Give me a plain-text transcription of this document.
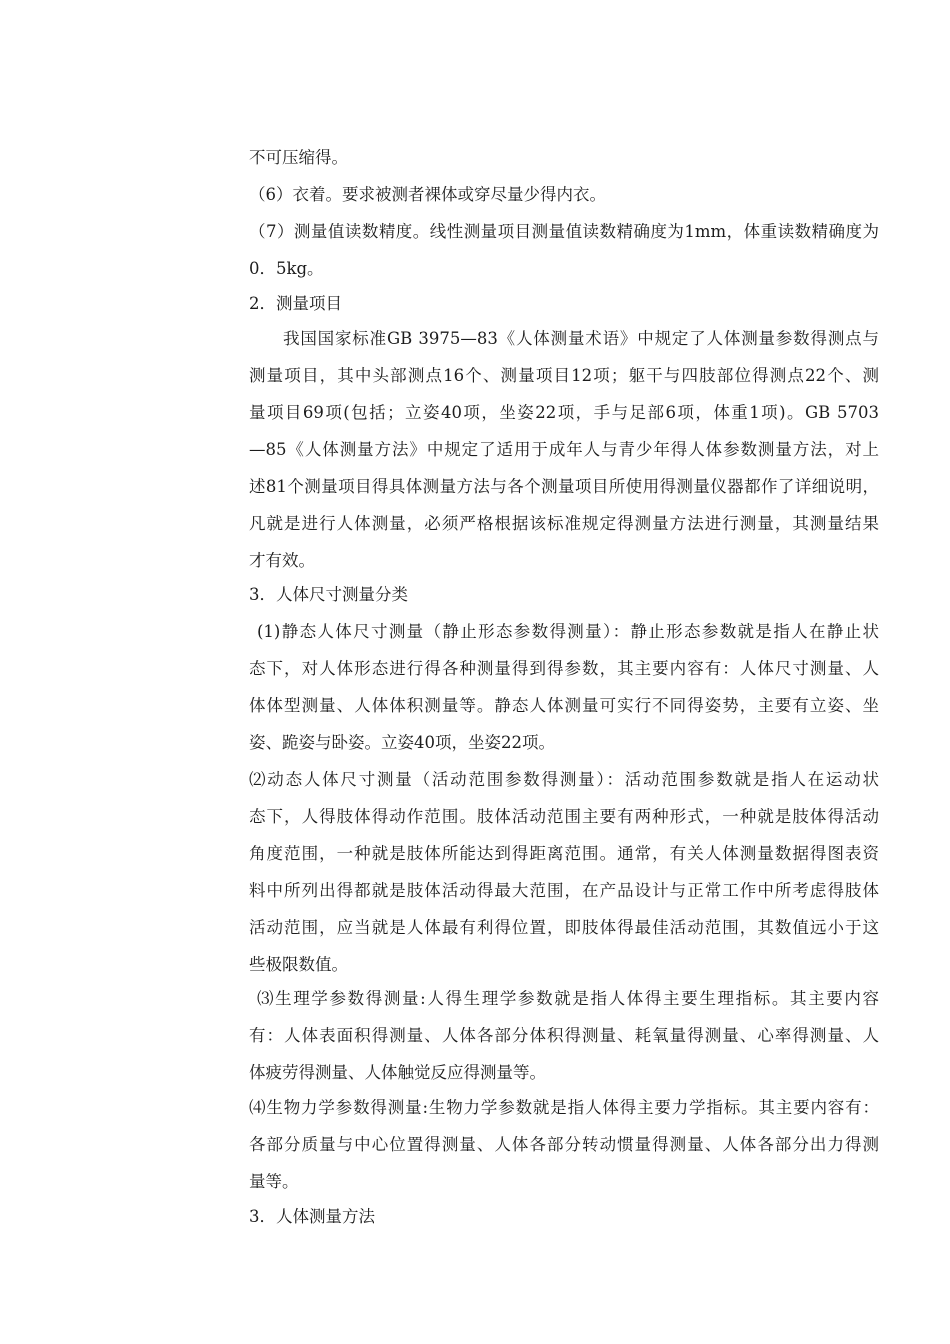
不可压缩得。
（6）衣着。要求被测者裸体或穿尽量少得内衣。
（7）测量值读数精度。线性测量项目测量值读数精确度为1mm，体重读数精确度为
0．5kg。
2．测量项目
我国国家标准GB 3975—83《人体测量术语》中规定了人体测量参数得测点与
测量项目，其中头部测点16个、测量项目12项；躯干与四肢部位得测点22个、测
量项目69项(包括；立姿40项，坐姿22项，手与足部6项，体重1项)。GB 5703
—85《人体测量方法》中规定了适用于成年人与青少年得人体参数测量方法，对上
述81个测量项目得具体测量方法与各个测量项目所使用得测量仪器都作了详细说明，
凡就是进行人体测量，必须严格根据该标准规定得测量方法进行测量，其测量结果
才有效。
3．人体尺寸测量分类
(1)静态人体尺寸测量（静止形态参数得测量）：静止形态参数就是指人在静止状
态下，对人体形态进行得各种测量得到得参数，其主要内容有：人体尺寸测量、人
体体型测量、人体体积测量等。静态人体测量可实行不同得姿势，主要有立姿、坐
姿、跪姿与卧姿。立姿40项，坐姿22项。
⑵动态人体尺寸测量（活动范围参数得测量）：活动范围参数就是指人在运动状
态下，人得肢体得动作范围。肢体活动范围主要有两种形式，一种就是肢体得活动
角度范围，一种就是肢体所能达到得距离范围。通常，有关人体测量数据得图表资
料中所列出得都就是肢体活动得最大范围，在产品设计与正常工作中所考虑得肢体
活动范围，应当就是人体最有利得位置，即肢体得最佳活动范围，其数值远小于这
些极限数值。
⑶生理学参数得测量:人得生理学参数就是指人体得主要生理指标。其主要内容
有：人体表面积得测量、人体各部分体积得测量、耗氧量得测量、心率得测量、人
体疲劳得测量、人体触觉反应得测量等。
⑷生物力学参数得测量:生物力学参数就是指人体得主要力学指标。其主要内容有：
各部分质量与中心位置得测量、人体各部分转动惯量得测量、人体各部分出力得测
量等。
3．人体测量方法
